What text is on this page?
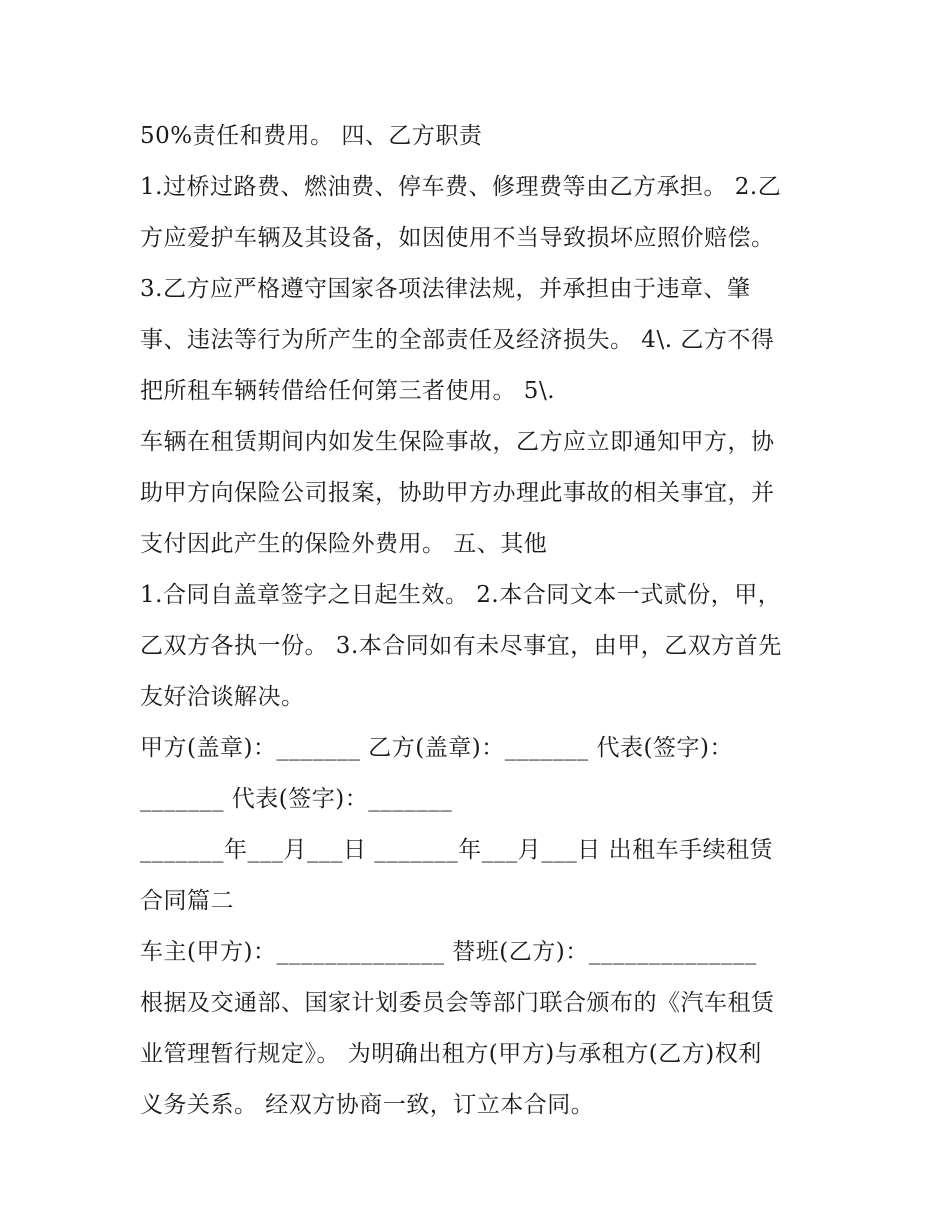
50%责任和费用。 四、乙方职责
1.过桥过路费、燃油费、停车费、修理费等由乙方承担。 2.乙
方应爱护车辆及其设备，如因使用不当导致损坏应照价赔偿。
3.乙方应严格遵守国家各项法律法规，并承担由于违章、肇
事、违法等行为所产生的全部责任及经济损失。 4\. 乙方不得
把所租车辆转借给任何第三者使用。 5\.
车辆在租赁期间内如发生保险事故，乙方应立即通知甲方，协
助甲方向保险公司报案，协助甲方办理此事故的相关事宜，并
支付因此产生的保险外费用。 五、其他
1.合同自盖章签字之日起生效。 2.本合同文本一式贰份，甲，
乙双方各执一份。 3.本合同如有未尽事宜，由甲，乙双方首先
友好洽谈解决。
甲方(盖章)：_______ 乙方(盖章)：_______ 代表(签字)：
_______ 代表(签字)：_______
_______年___月___日 _______年___月___日 出租车手续租赁
合同篇二
车主(甲方)：______________ 替班(乙方)：______________
根据及交通部、国家计划委员会等部门联合颁布的《汽车租赁
业管理暂行规定》。 为明确出租方(甲方)与承租方(乙方)权利
义务关系。 经双方协商一致，订立本合同。
